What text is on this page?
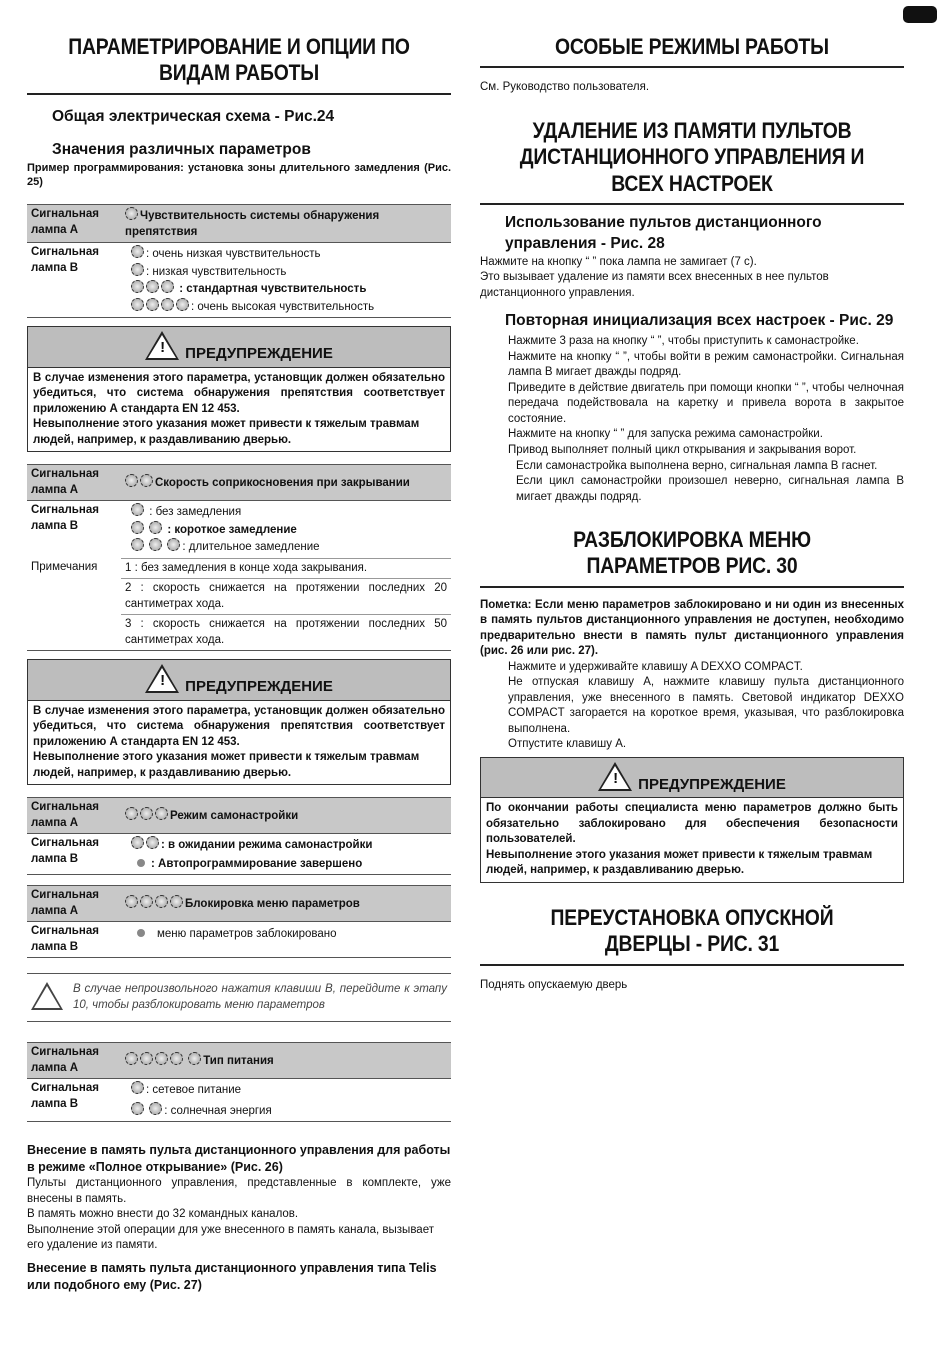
ПАРАМЕТРИРОВАНИЕ И ОПЦИИ ПО ВИДАМ РАБОТЫ
Общая электрическая схема - Рис.24
Значения различных параметров

Пример программирования: установка зоны длительного замедления (Рис. 25)

Сигнальная лампа А	Чувствительность системы обнаружения препятствия
Сигнальная лампа В	: очень низкая чувствительность
: низкая чувствительность
: стандартная чувствительность
: очень высокая чувствительность
! ПРЕДУПРЕЖДЕНИЕ

В случае изменения этого параметра, установщик должен обязательно убедиться, что система обнаружения препятствия соответствует приложению А стандарта EN 12 453.

Невыполнение этого указания может привести к тяжелым травмам людей, например, к раздавливанию дверью.

Сигнальная лампа А	Скорость соприкосновения при закрывании
Сигнальная лампа В	: без замедления
: короткое замедление
: длительное замедление

Примечания	1 : без замедления в конце хода закрывания.
	2 : скорость снижается на протяжении последних 20 сантиметрах хода.
	3 : скорость снижается на протяжении последних 50 сантиметрах хода.
! ПРЕДУПРЕЖДЕНИЕ

В случае изменения этого параметра, установщик должен обязательно убедиться, что система обнаружения препятствия соответствует приложению А стандарта EN 12 453.

Невыполнение этого указания может привести к тяжелым травмам людей, например, к раздавливанию дверью.

Сигнальная лампа А	Режим самонастройки
Сигнальная лампа В	: в ожидании режима самонастройки
: Автопрограммирование завершено
Сигнальная лампа А	Блокировка меню параметров
Сигнальная лампа В	меню параметров заблокировано

В случае непроизвольного нажатия клавиши В, перейдите к этапу 10, чтобы разблокировать меню параметров

Сигнальная лампа А	Тип питания
Сигнальная лампа В	: сетевое питание
: солнечная энергия

Внесение в память пульта дистанционного управления для работы в режиме «Полное открывание» (Рис. 26)

Пульты дистанционного управления, представленные в комплекте, уже внесены в память.

В память можно внести до 32 командных каналов.

Выполнение этой операции для уже внесенного в память канала, вызывает его удаление из памяти.

Внесение в память пульта дистанционного управления типа Telis или подобного ему (Рис. 27)

ОСОБЫЕ РЕЖИМЫ РАБОТЫ

См. Руководство пользователя.

УДАЛЕНИЕ ИЗ ПАМЯТИ ПУЛЬТОВ ДИСТАНЦИОННОГО УПРАВЛЕНИЯ И ВСЕХ НАСТРОЕК
Использование пультов дистанционного управления - Рис. 28

Нажмите на кнопку “ ” пока лампа не замигает (7 с).

Это вызывает удаление из памяти всех внесенных в нее пультов дистанционного управления.

Повторная инициализация всех настроек - Рис. 29

Нажмите 3 раза на кнопку “ ”, чтобы приступить к самонастройке.

Нажмите на кнопку “ ”, чтобы войти в режим самонастройки. Сигнальная лампа В мигает дважды подряд.

Приведите в действие двигатель при помощи кнопки “ ”, чтобы челночная передача подействовала на каретку и привела ворота в закрытое состояние.

Нажмите на кнопку “ ” для запуска режима самонастройки.

Привод выполняет полный цикл открывания и закрывания ворот.

Если самонастройка выполнена верно, сигнальная лампа В гаснет.

Если цикл самонастройки произошел неверно, сигнальная лампа В мигает дважды подряд.

РАЗБЛОКИРОВКА МЕНЮ ПАРАМЕТРОВ РИС. 30

Пометка: Если меню параметров заблокировано и ни один из внесенных в память пультов дистанционного управления не доступен, необходимо предварительно внести в память пульт дистанционного управления (рис. 26 или рис. 27).

Нажмите и удерживайте клавишу A DEXXO COMPACT.

Не отпуская клавишу A, нажмите клавишу пульта дистанционного управления, уже внесенного в память. Световой индикатор DEXXO COMPACT загорается на короткое время, указывая, что разблокировка выполнена.

Отпустите клавишу A.

! ПРЕДУПРЕЖДЕНИЕ

По окончании работы специалиста меню параметров должно быть обязательно заблокировано для обеспечения безопасности пользователей.

Невыполнение этого указания может привести к тяжелым травмам людей, например, к раздавливанию дверью.

ПЕРЕУСТАНОВКА ОПУСКНОЙ ДВЕРЦЫ - РИС. 31

Поднять опускаемую дверь
